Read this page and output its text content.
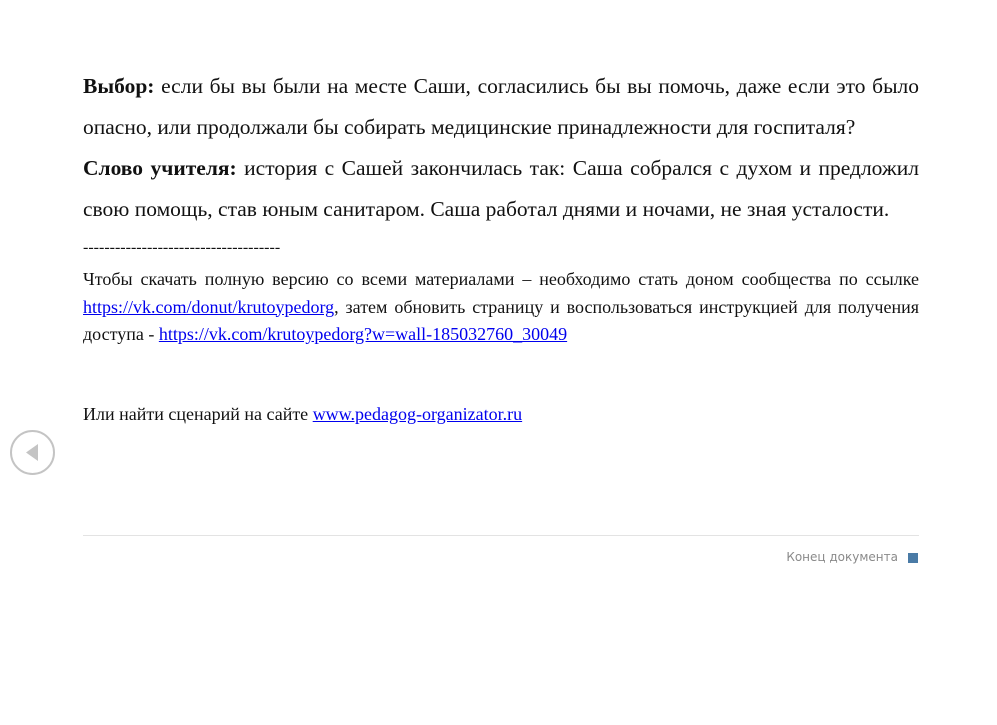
Выбор: если бы вы были на месте Саши, согласились бы вы помочь, даже если это было опасно, или продолжали бы собирать медицинские принадлежности для госпиталя?

Слово учителя: история с Сашей закончилась так: Саша собрался с духом и предложил свою помощь, став юным санитаром. Саша работал днями и ночами, не зная усталости.

-------------------------------------

Чтобы скачать полную версию со всеми материалами – необходимо стать доном сообщества по ссылке https://vk.com/donut/krutoypedorg, затем обновить страницу и воспользоваться инструкцией для получения доступа - https://vk.com/krutoypedorg?w=wall-185032760_30049

Или найти сценарий на сайте www.pedagog-organizator.ru

Конец документа
